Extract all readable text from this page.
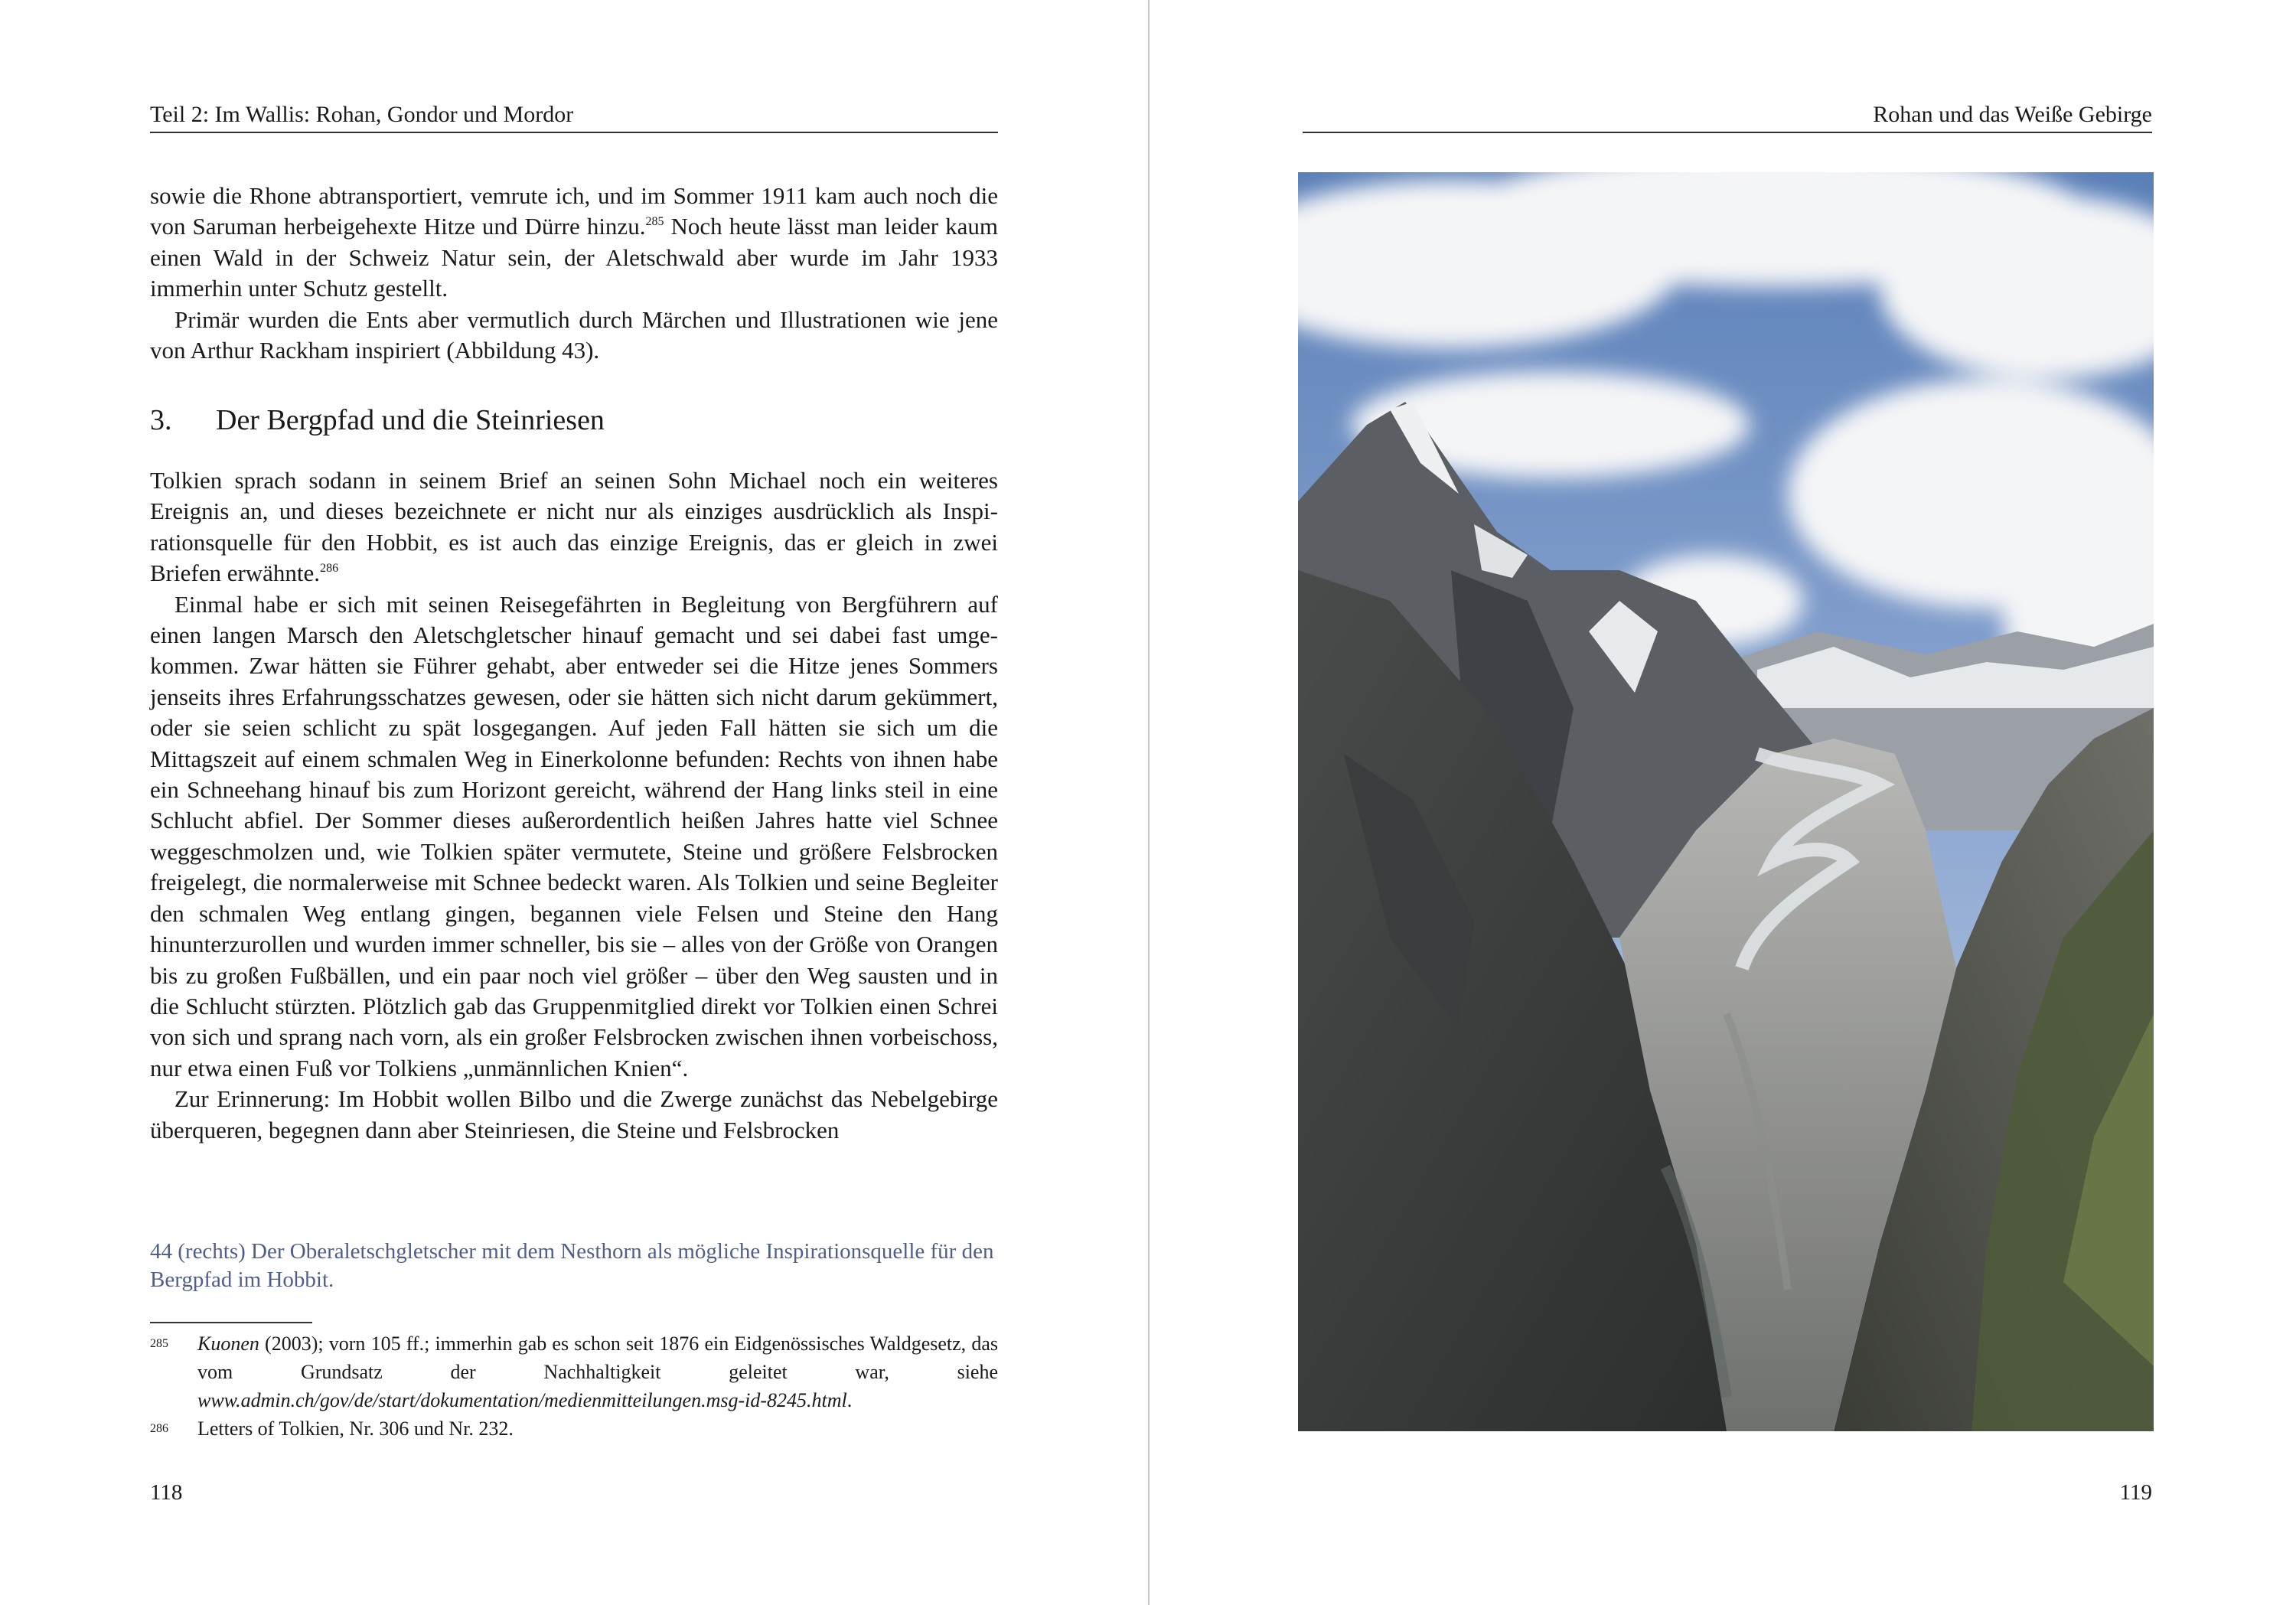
Teil 2: Im Wallis: Rohan, Gondor und Mordor

sowie die Rhone abtransportiert, vemrute ich, und im Sommer 1911 kam auch noch die von Saruman herbeigehexte Hitze und Dürre hinzu.$^{285}$ Noch heute lässt man leider kaum einen Wald in der Schweiz Natur sein, der Aletschwald aber wurde im Jahr 1933 immerhin unter Schutz gestellt.

Primär wurden die Ents aber vermutlich durch Märchen und Illustrationen wie jene von Arthur Rackham inspiriert (Abbildung 43).

3. Der Bergpfad und die Steinriesen

Tolkien sprach sodann in seinem Brief an seinen Sohn Michael noch ein weiteres Ereignis an, und dieses bezeichnete er nicht nur als einziges ausdrücklich als Inspirationsquelle für den Hobbit, es ist auch das einzige Ereignis, das er gleich in zwei Briefen erwähnte.$^{286}$

Einmal habe er sich mit seinen Reisegefährten in Begleitung von Bergführern auf einen langen Marsch den Aletschgletscher hinauf gemacht und sei dabei fast umgekommen. Zwar hätten sie Führer gehabt, aber entweder sei die Hitze jenes Sommers jenseits ihres Erfahrungsschatzes gewesen, oder sie hätten sich nicht darum gekümmert, oder sie seien schlicht zu spät losgegangen. Auf jeden Fall hätten sie sich um die Mittagszeit auf einem schmalen Weg in Einerkolonne befunden: Rechts von ihnen habe ein Schneehang hinauf bis zum Horizont gereicht, während der Hang links steil in eine Schlucht abfiel. Der Sommer dieses außerordentlich heißen Jahres hatte viel Schnee weggeschmolzen und, wie Tolkien später vermutete, Steine und größere Felsbrocken freigelegt, die normalerweise mit Schnee bedeckt waren. Als Tolkien und seine Begleiter den schmalen Weg entlang gingen, begannen viele Felsen und Steine den Hang hinunterzurollen und wurden immer schneller, bis sie – alles von der Größe von Orangen bis zu großen Fußbällen, und ein paar noch viel größer – über den Weg sausten und in die Schlucht stürzten. Plötzlich gab das Gruppenmitglied direkt vor Tolkien einen Schrei von sich und sprang nach vorn, als ein großer Felsbrocken zwischen ihnen vorbeischoss, nur etwa einen Fuß vor Tolkiens „unmännlichen Knien“.

Zur Erinnerung: Im Hobbit wollen Bilbo und die Zwerge zunächst das Nebelgebirge überqueren, begegnen dann aber Steinriesen, die Steine und Felsbrocken

44 (rechts) Der Oberaletschgletscher mit dem Nesthorn als mögliche Inspirationsquelle für den Bergpfad im Hobbit.
285 Kuonen (2003); vorn 105 ff.; immerhin gab es schon seit 1876 ein Eidgenössisches Waldgesetz, das vom Grundsatz der Nachhaltigkeit geleitet war, siehe www.admin.ch/gov/de/start/dokumentation/medienmitteilungen.msg-id-8245.html.
286 Letters of Tolkien, Nr. 306 und Nr. 232.
118
Rohan und das Weiße Gebirge
119
